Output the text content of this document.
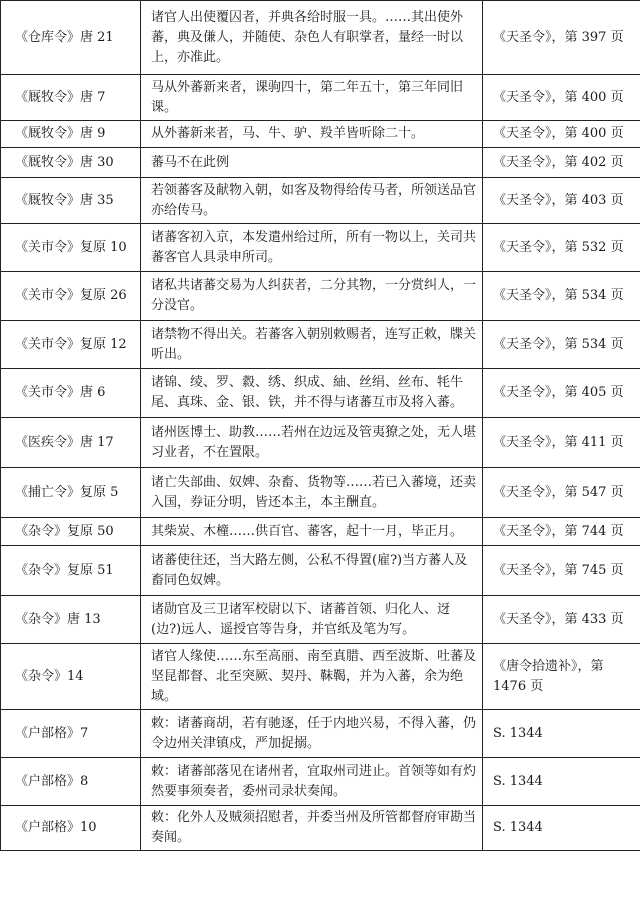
《仓库令》唐 21	诸官人出使覆囚者，并典各给时服一具。……其出使外蕃，典及傔人，并随使、杂色人有职掌者，量经一时以上，亦准此。	《天圣令》，第 397 页
《厩牧令》唐 7	马从外蕃新来者，课驹四十，第二年五十，第三年同旧课。	《天圣令》，第 400 页
《厩牧令》唐 9	从外蕃新来者，马、牛、驴、羖羊皆听除二十。	《天圣令》，第 400 页
《厩牧令》唐 30	蕃马不在此例	《天圣令》，第 402 页
《厩牧令》唐 35	若领蕃客及献物入朝，如客及物得给传马者，所领送品官亦给传马。	《天圣令》，第 403 页
《关市令》复原 10	诸蕃客初入京，本发遣州给过所，所有一物以上，关司共蕃客官人具录申所司。	《天圣令》，第 532 页
《关市令》复原 26	诸私共诸蕃交易为人纠获者，二分其物，一分赏纠人，一分没官。	《天圣令》，第 534 页
《关市令》复原 12	诸禁物不得出关。若蕃客入朝别敕赐者，连写正敕，牒关听出。	《天圣令》，第 534 页
《关市令》唐 6	诸锦、绫、罗、縠、绣、织成、紬、丝绢、丝布、牦牛尾、真珠、金、银、铁，并不得与诸蕃互市及将入蕃。	《天圣令》，第 405 页
《医疾令》唐 17	诸州医博士、助教……若州在边远及管夷獠之处，无人堪习业者，不在置限。	《天圣令》，第 411 页
《捕亡令》复原 5	诸亡失部曲、奴婢、杂畜、货物等……若已入蕃境，还卖入国，券证分明，皆还本主，本主酬直。	《天圣令》，第 547 页
《杂令》复原 50	其柴炭、木橦……供百官、蕃客，起十一月，毕正月。	《天圣令》，第 744 页
《杂令》复原 51	诸蕃使往还，当大路左侧，公私不得置(雇?)当方蕃人及畜同色奴婢。	《天圣令》，第 745 页
《杂令》唐 13	诸勋官及三卫诸军校尉以下、诸蕃首领、归化人、迓(边?)远人、遥授官等告身，并官纸及笔为写。	《天圣令》，第 433 页
《杂令》14	诸官人缘使……东至高丽、南至真腊、西至波斯、吐蕃及坚昆都督、北至突厥、契丹、靺鞨，并为入蕃，余为绝域。	《唐令拾遗补》，第 1476 页
《户部格》7	敕：诸蕃商胡，若有驰逐，任于内地兴易，不得入蕃，仍令边州关津镇戍，严加捉搦。	S. 1344
《户部格》8	敕：诸蕃部落见在诸州者，宜取州司进止。首领等如有灼然要事须奏者，委州司录状奏闻。	S. 1344
《户部格》10	敕：化外人及贼须招慰者，并委当州及所管都督府审勘当奏闻。	S. 1344
